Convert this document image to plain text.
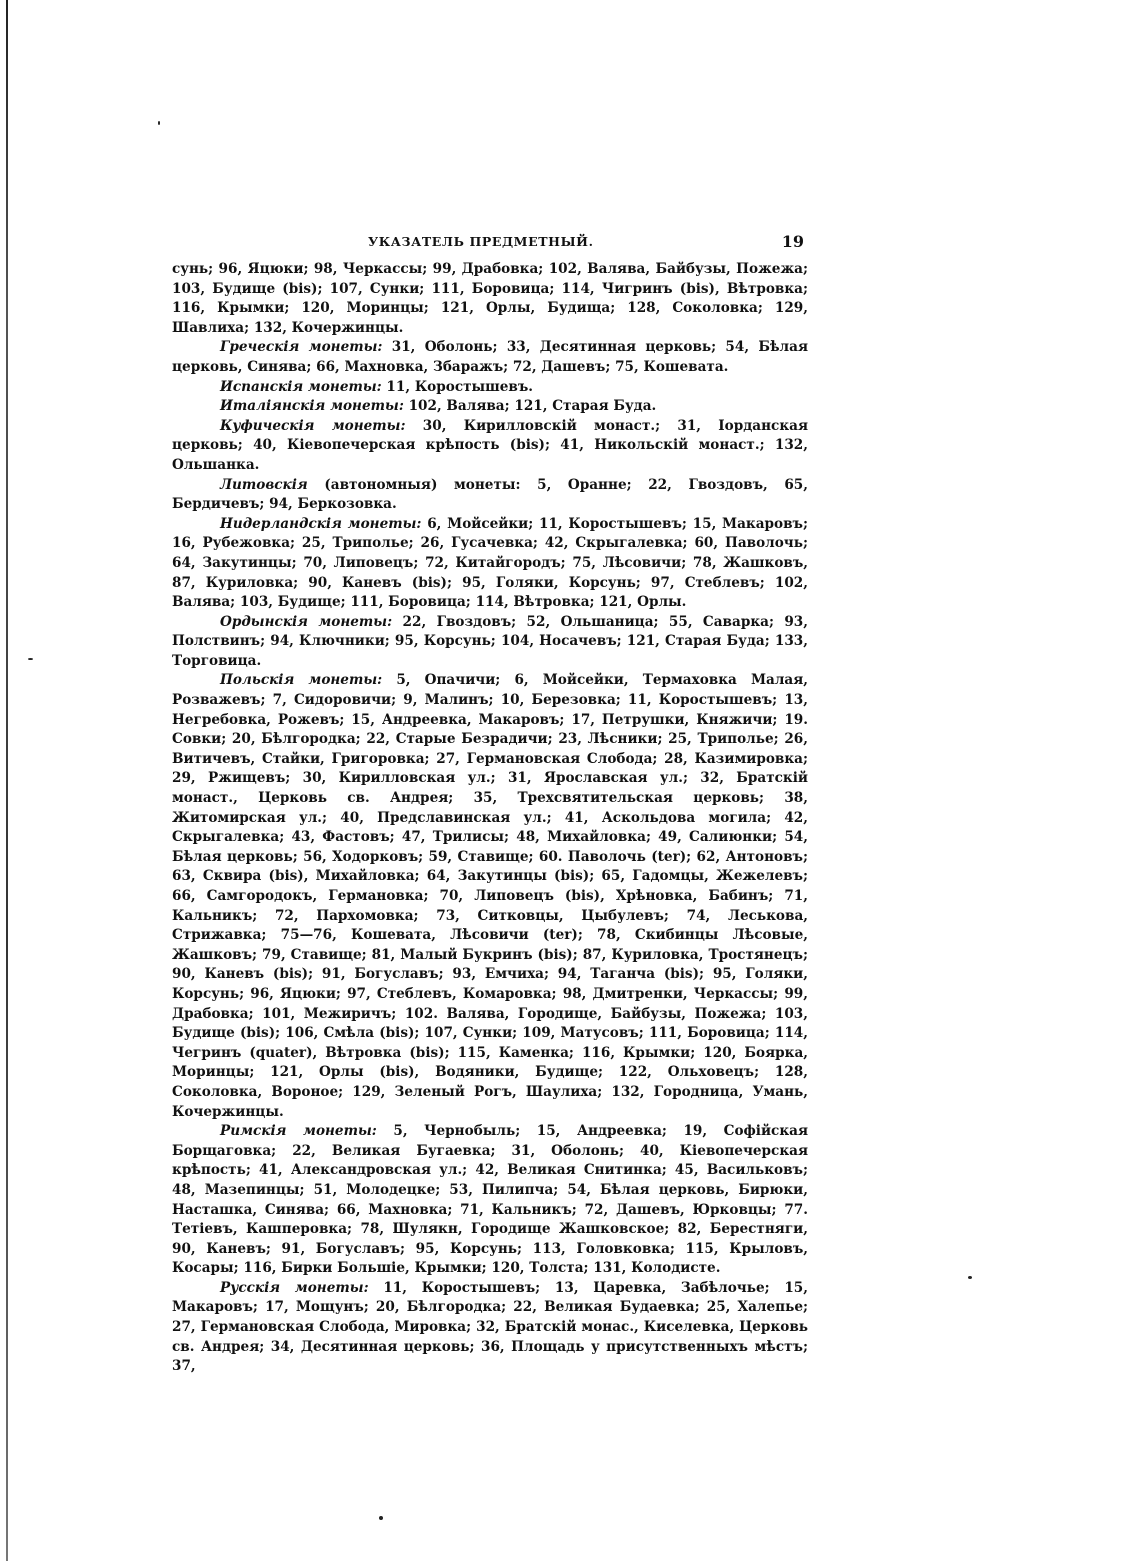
УКАЗАТЕЛЬ ПРЕДМЕТНЫЙ.	19

сунь; 96, Яцюки; 98, Черкассы; 99, Драбовка; 102, Валява, Байбузы, Пожежа; 103, Будище (bis); 107, Сунки; 111, Боровица; 114, Чигринъ (bis), Вѣтровка; 116, Крымки; 120, Моринцы; 121, Орлы, Будища; 128, Соколовка; 129, Шавлиха; 132, Кочержинцы.

Греческія монеты: 31, Оболонь; 33, Десятинная церковь; 54, Бѣлая церковь, Синява; 66, Махновка, Збаражъ; 72, Дашевъ; 75, Кошевата.

Испанскія монеты: 11, Коростышевъ.

Италіянскія монеты: 102, Валява; 121, Старая Буда.

Куфическія монеты: 30, Кирилловскій монаст.; 31, Іорданская церковь; 40, Кіевопечерская крѣпость (bis); 41, Никольскій монаст.; 132, Ольшанка.

Литовскія (автономныя) монеты: 5, Оранне; 22, Гвоздовъ, 65, Бердичевъ; 94, Беркозовка.

Нидерландскія монеты: 6, Мойсейки; 11, Коростышевъ; 15, Макаровъ; 16, Рубежовка; 25, Триполье; 26, Гусачевка; 42, Скрыгалевка; 60, Паволочь; 64, Закутинцы; 70, Липовецъ; 72, Китайгородъ; 75, Лѣсовичи; 78, Жашковъ, 87, Куриловка; 90, Каневъ (bis); 95, Голяки, Корсунь; 97, Стеблевъ; 102, Валява; 103, Будище; 111, Боровица; 114, Вѣтровка; 121, Орлы.

Ордынскія монеты: 22, Гвоздовъ; 52, Ольшаница; 55, Саварка; 93, Полствинъ; 94, Ключники; 95, Корсунь; 104, Носачевъ; 121, Старая Буда; 133, Торговица.

Польскія монеты: 5, Опачичи; 6, Мойсейки, Термаховка Малая, Розважевъ; 7, Сидоровичи; 9, Малинъ; 10, Березовка; 11, Коростышевъ; 13, Негребовка, Рожевъ; 15, Андреевка, Макаровъ; 17, Петрушки, Княжичи; 19. Совки; 20, Бѣлгородка; 22, Старые Безрадичи; 23, Лѣсники; 25, Триполье; 26, Витичевъ, Стайки, Григоровка; 27, Германовская Слобода; 28, Казимировка; 29, Ржищевъ; 30, Кирилловская ул.; 31, Ярославская ул.; 32, Братскій монаст., Церковь св. Андрея; 35, Трехсвятительская церковь; 38, Житомирская ул.; 40, Предславинская ул.; 41, Аскольдова могила; 42, Скрыгалевка; 43, Фастовъ; 47, Трилисы; 48, Михайловка; 49, Салиюнки; 54, Бѣлая церковь; 56, Ходорковъ; 59, Ставище; 60. Паволочь (ter); 62, Антоновъ; 63, Сквира (bis), Михайловка; 64, Закутинцы (bis); 65, Гадомцы, Жежелевъ; 66, Самгородокъ, Германовка; 70, Липовецъ (bis), Хрѣновка, Бабинъ; 71, Кальникъ; 72, Пархомовка; 73, Ситковцы, Цыбулевъ; 74, Леськова, Стрижавка; 75—76, Кошевата, Лѣсовичи (ter); 78, Скибинцы Лѣсовые, Жашковъ; 79, Ставище; 81, Малый Букринъ (bis); 87, Куриловка, Тростянецъ; 90, Каневъ (bis); 91, Богуславъ; 93, Емчиха; 94, Таганча (bis); 95, Голяки, Корсунь; 96, Яцюки; 97, Стеблевъ, Комаровка; 98, Дмитренки, Черкассы; 99, Драбовка; 101, Межиричъ; 102. Валява, Городище, Байбузы, Пожежа; 103, Будище (bis); 106, Смѣла (bis); 107, Сунки; 109, Матусовъ; 111, Боровица; 114, Чегринъ (quater), Вѣтровка (bis); 115, Каменка; 116, Крымки; 120, Боярка, Моринцы; 121, Орлы (bis), Водяники, Будище; 122, Ольховецъ; 128, Соколовка, Вороное; 129, Зеленый Рогъ, Шаулиха; 132, Городница, Умань, Кочержинцы.

Римскія монеты: 5, Чернобыль; 15, Андреевка; 19, Софійская Борщаговка; 22, Великая Бугаевка; 31, Оболонь; 40, Кіевопечерская крѣпость; 41, Александровская ул.; 42, Великая Снитинка; 45, Васильковъ; 48, Мазепинцы; 51, Молодецке; 53, Пилипча; 54, Бѣлая церковь, Бирюки, Насташка, Синява; 66, Махновка; 71, Кальникъ; 72, Дашевъ, Юрковцы; 77. Тетіевъ, Кашперовка; 78, Шулякн, Городище Жашковское; 82, Берестняги, 90, Каневъ; 91, Богуславъ; 95, Корсунь; 113, Головковка; 115, Крыловъ, Косары; 116, Бирки Большіе, Крымки; 120, Толста; 131, Колодисте.

Русскія монеты: 11, Коростышевъ; 13, Царевка, Забѣлочье; 15, Макаровъ; 17, Мощунъ; 20, Бѣлгородка; 22, Великая Будаевка; 25, Халепье; 27, Германовская Слобода, Мировка; 32, Братскій монас., Киселевка, Церковь св. Андрея; 34, Десятинная церковь; 36, Площадь у присутственныхъ мѣстъ; 37,
